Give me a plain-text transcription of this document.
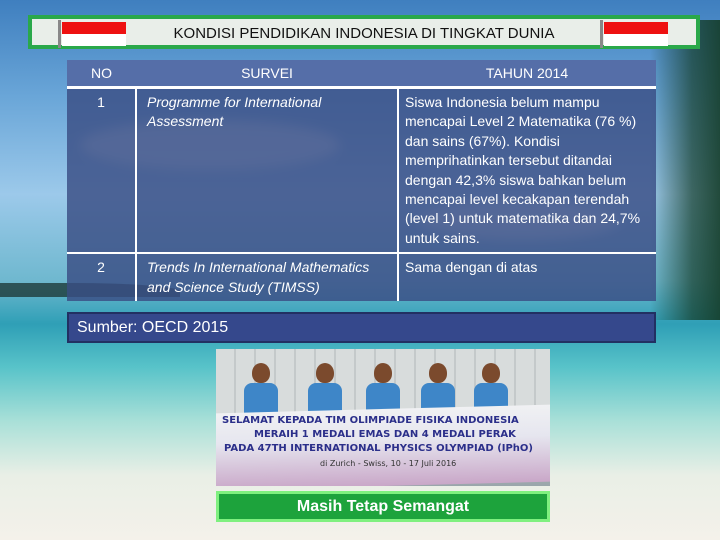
KONDISI PENDIDIKAN INDONESIA DI TINGKAT DUNIA
NO	SURVEI	TAHUN 2014
1	Programme for International Assessment	Siswa Indonesia belum mampu mencapai Level 2 Matematika (76 %) dan sains (67%). Kondisi memprihatinkan tersebut ditandai dengan 42,3% siswa bahkan belum mencapai level kecakapan terendah (level 1) untuk matematika dan 24,7% untuk sains.
2	Trends In International Mathematics and Science Study (TIMSS)	Sama dengan di atas
Sumber: OECD 2015
SELAMAT KEPADA TIM OLIMPIADE FISIKA INDONESIA
MERAIH 1 MEDALI EMAS DAN 4 MEDALI PERAK
PADA 47TH INTERNATIONAL PHYSICS OLYMPIAD (IPhO)
di Zurich - Swiss, 10 - 17 Juli 2016
Masih Tetap Semangat
